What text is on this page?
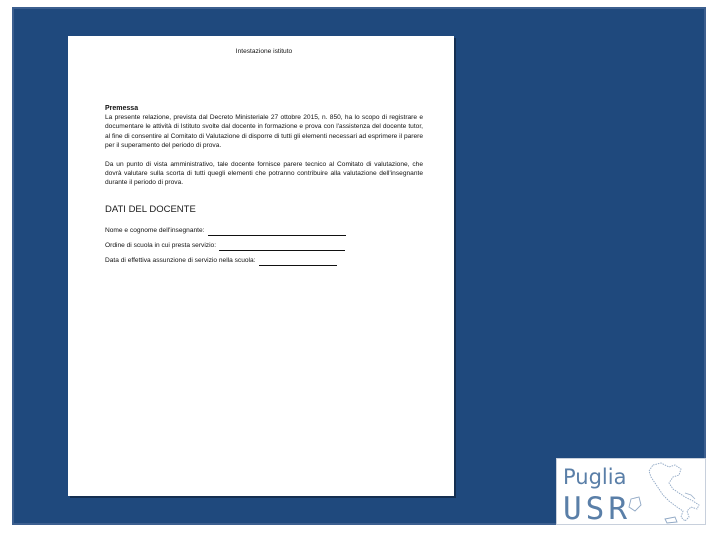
Intestazione istituto
Premessa

La presente relazione, prevista dal Decreto Ministeriale 27 ottobre 2015, n. 850, ha lo scopo di registrare e documentare le attività di Istituto svolte dal docente in formazione e prova con l'assistenza del docente tutor, al fine di consentire al Comitato di Valutazione di disporre di tutti gli elementi necessari ad esprimere il parere per il superamento del periodo di prova.

Da un punto di vista amministrativo, tale docente fornisce parere tecnico al Comitato di valutazione, che dovrà valutare sulla scorta di tutti quegli elementi che potranno contribuire alla valutazione dell'insegnante durante il periodo di prova.

DATI DEL DOCENTE
Nome e cognome dell'insegnante:
Ordine di scuola in cui presta servizio:
Data di effettiva assunzione di servizio nella scuola:
Puglia
USR
